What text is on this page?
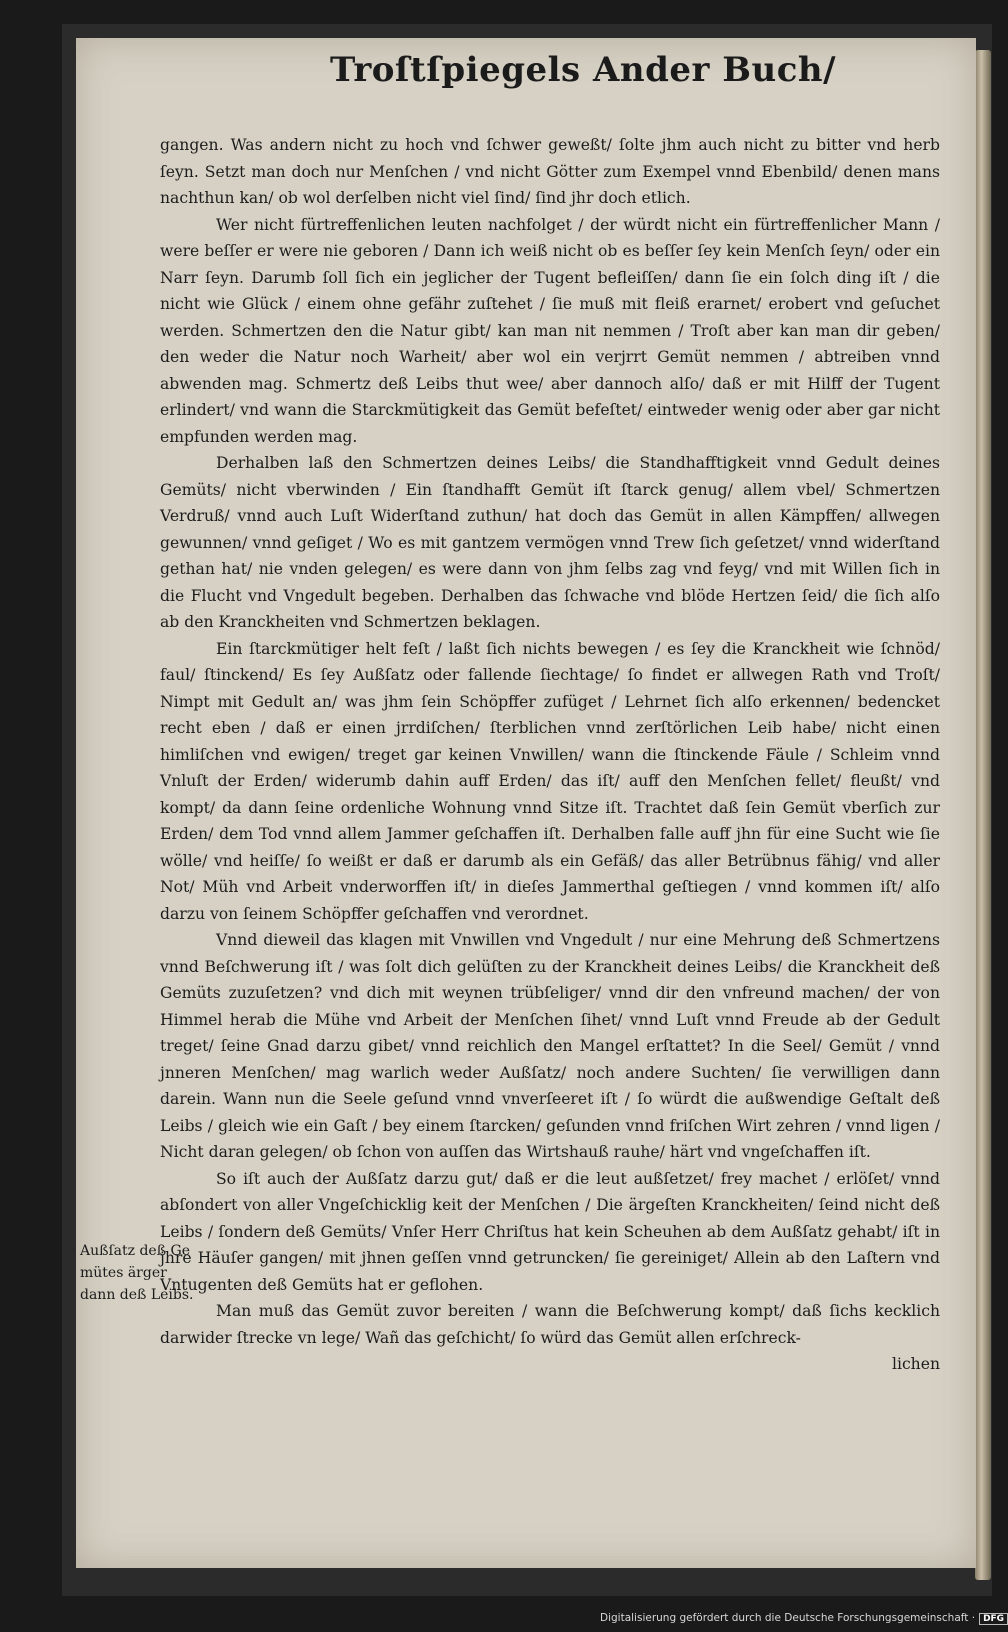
Troſtſpiegels Ander Buch/

gangen. Was andern nicht zu hoch vnd ſchwer geweßt/ ſolte jhm auch nicht zu bitter vnd herb ſeyn. Setzt man doch nur Menſchen / vnd nicht Götter zum Exempel vnnd Ebenbild/ denen mans nachthun kan/ ob wol derſelben nicht viel ſind/ ſind jhr doch etlich.

Wer nicht fürtreffenlichen leuten nachfolget / der würdt nicht ein fürtreffenlicher Mann / were beſſer er were nie geboren / Dann ich weiß nicht ob es beſſer ſey kein Menſch ſeyn/ oder ein Narr ſeyn. Darumb ſoll ſich ein jeglicher der Tugent befleiſſen/ dann ſie ein ſolch ding iſt / die nicht wie Glück / einem ohne gefähr zuſtehet / ſie muß mit fleiß erarnet/ erobert vnd geſuchet werden. Schmertzen den die Natur gibt/ kan man nit nemmen / Troſt aber kan man dir geben/ den weder die Natur noch Warheit/ aber wol ein verjrrt Gemüt nemmen / abtreiben vnnd abwenden mag. Schmertz deß Leibs thut wee/ aber dannoch alſo/ daß er mit Hilff der Tugent erlindert/ vnd wann die Starckmütigkeit das Gemüt befeſtet/ eintweder wenig oder aber gar nicht empfunden werden mag.

Derhalben laß den Schmertzen deines Leibs/ die Standhafftigkeit vnnd Gedult deines Gemüts/ nicht vberwinden / Ein ſtandhafft Gemüt iſt ſtarck genug/ allem vbel/ Schmertzen Verdruß/ vnnd auch Luſt Widerſtand zuthun/ hat doch das Gemüt in allen Kämpffen/ allwegen gewunnen/ vnnd geſiget / Wo es mit gantzem vermögen vnnd Trew ſich geſetzet/ vnnd widerſtand gethan hat/ nie vnden gelegen/ es were dann von jhm ſelbs zag vnd feyg/ vnd mit Willen ſich in die Flucht vnd Vngedult begeben. Derhalben das ſchwache vnd blöde Hertzen ſeid/ die ſich alſo ab den Kranckheiten vnd Schmertzen beklagen.

Ein ſtarckmütiger helt feſt / laßt ſich nichts bewegen / es ſey die Kranckheit wie ſchnöd/ faul/ ſtinckend/ Es ſey Außſatz oder fallende ſiechtage/ ſo findet er allwegen Rath vnd Troſt/ Nimpt mit Gedult an/ was jhm ſein Schöpffer zufüget / Lehrnet ſich alſo erkennen/ bedencket recht eben / daß er einen jrrdiſchen/ ſterblichen vnnd zerſtörlichen Leib habe/ nicht einen himliſchen vnd ewigen/ treget gar keinen Vnwillen/ wann die ſtinckende Fäule / Schleim vnnd Vnluſt der Erden/ widerumb dahin auff Erden/ das iſt/ auff den Menſchen fellet/ fleußt/ vnd kompt/ da dann ſeine ordenliche Wohnung vnnd Sitze iſt. Trachtet daß ſein Gemüt vberſich zur Erden/ dem Tod vnnd allem Jammer geſchaffen iſt. Derhalben falle auff jhn für eine Sucht wie ſie wölle/ vnd heiſſe/ ſo weißt er daß er darumb als ein Gefäß/ das aller Betrübnus fähig/ vnd aller Not/ Müh vnd Arbeit vnderworffen iſt/ in dieſes Jammerthal geſtiegen / vnnd kommen iſt/ alſo darzu von ſeinem Schöpffer geſchaffen vnd verordnet.

Vnnd dieweil das klagen mit Vnwillen vnd Vngedult / nur eine Mehrung deß Schmertzens vnnd Beſchwerung iſt / was ſolt dich gelüſten zu der Kranckheit deines Leibs/ die Kranckheit deß Gemüts zuzuſetzen? vnd dich mit weynen trübſeliger/ vnnd dir den vnfreund machen/ der von Himmel herab die Mühe vnd Arbeit der Menſchen ſihet/ vnnd Luſt vnnd Freude ab der Gedult treget/ ſeine Gnad darzu gibet/ vnnd reichlich den Mangel erſtattet? In die Seel/ Gemüt / vnnd jnneren Menſchen/ mag warlich weder Außſatz/ noch andere Suchten/ ſie verwilligen dann darein. Wann nun die Seele geſund vnnd vnverſeeret iſt / ſo würdt die außwendige Geſtalt deß Leibs / gleich wie ein Gaſt / bey einem ſtarcken/ geſunden vnnd friſchen Wirt zehren / vnnd ligen / Nicht daran gelegen/ ob ſchon von auſſen das Wirtshauß rauhe/ härt vnd vngeſchaffen iſt.

So iſt auch der Außſatz darzu gut/ daß er die leut außſetzet/ frey machet / erlöſet/ vnnd abſondert von aller Vngeſchicklig keit der Menſchen / Die ärgeſten Kranckheiten/ ſeind nicht deß Leibs / ſondern deß Gemüts/ Vnſer Herr Chriſtus hat kein Scheuhen ab dem Außſatz gehabt/ iſt in jhre Häuſer gangen/ mit jhnen geſſen vnnd getruncken/ ſie gereiniget/ Allein ab den Laſtern vnd Vntugenten deß Gemüts hat er geflohen.

Man muß das Gemüt zuvor bereiten / wann die Beſchwerung kompt/ daß ſichs kecklich darwider ſtrecke vn lege/ Wañ das geſchicht/ ſo würd das Gemüt allen erſchreck-

lichen

Außſatz deß Ge
mütes ärger
dann deß Leibs.
Digitalisierung gefördert durch die Deutsche Forschungsgemeinschaft · DFG
